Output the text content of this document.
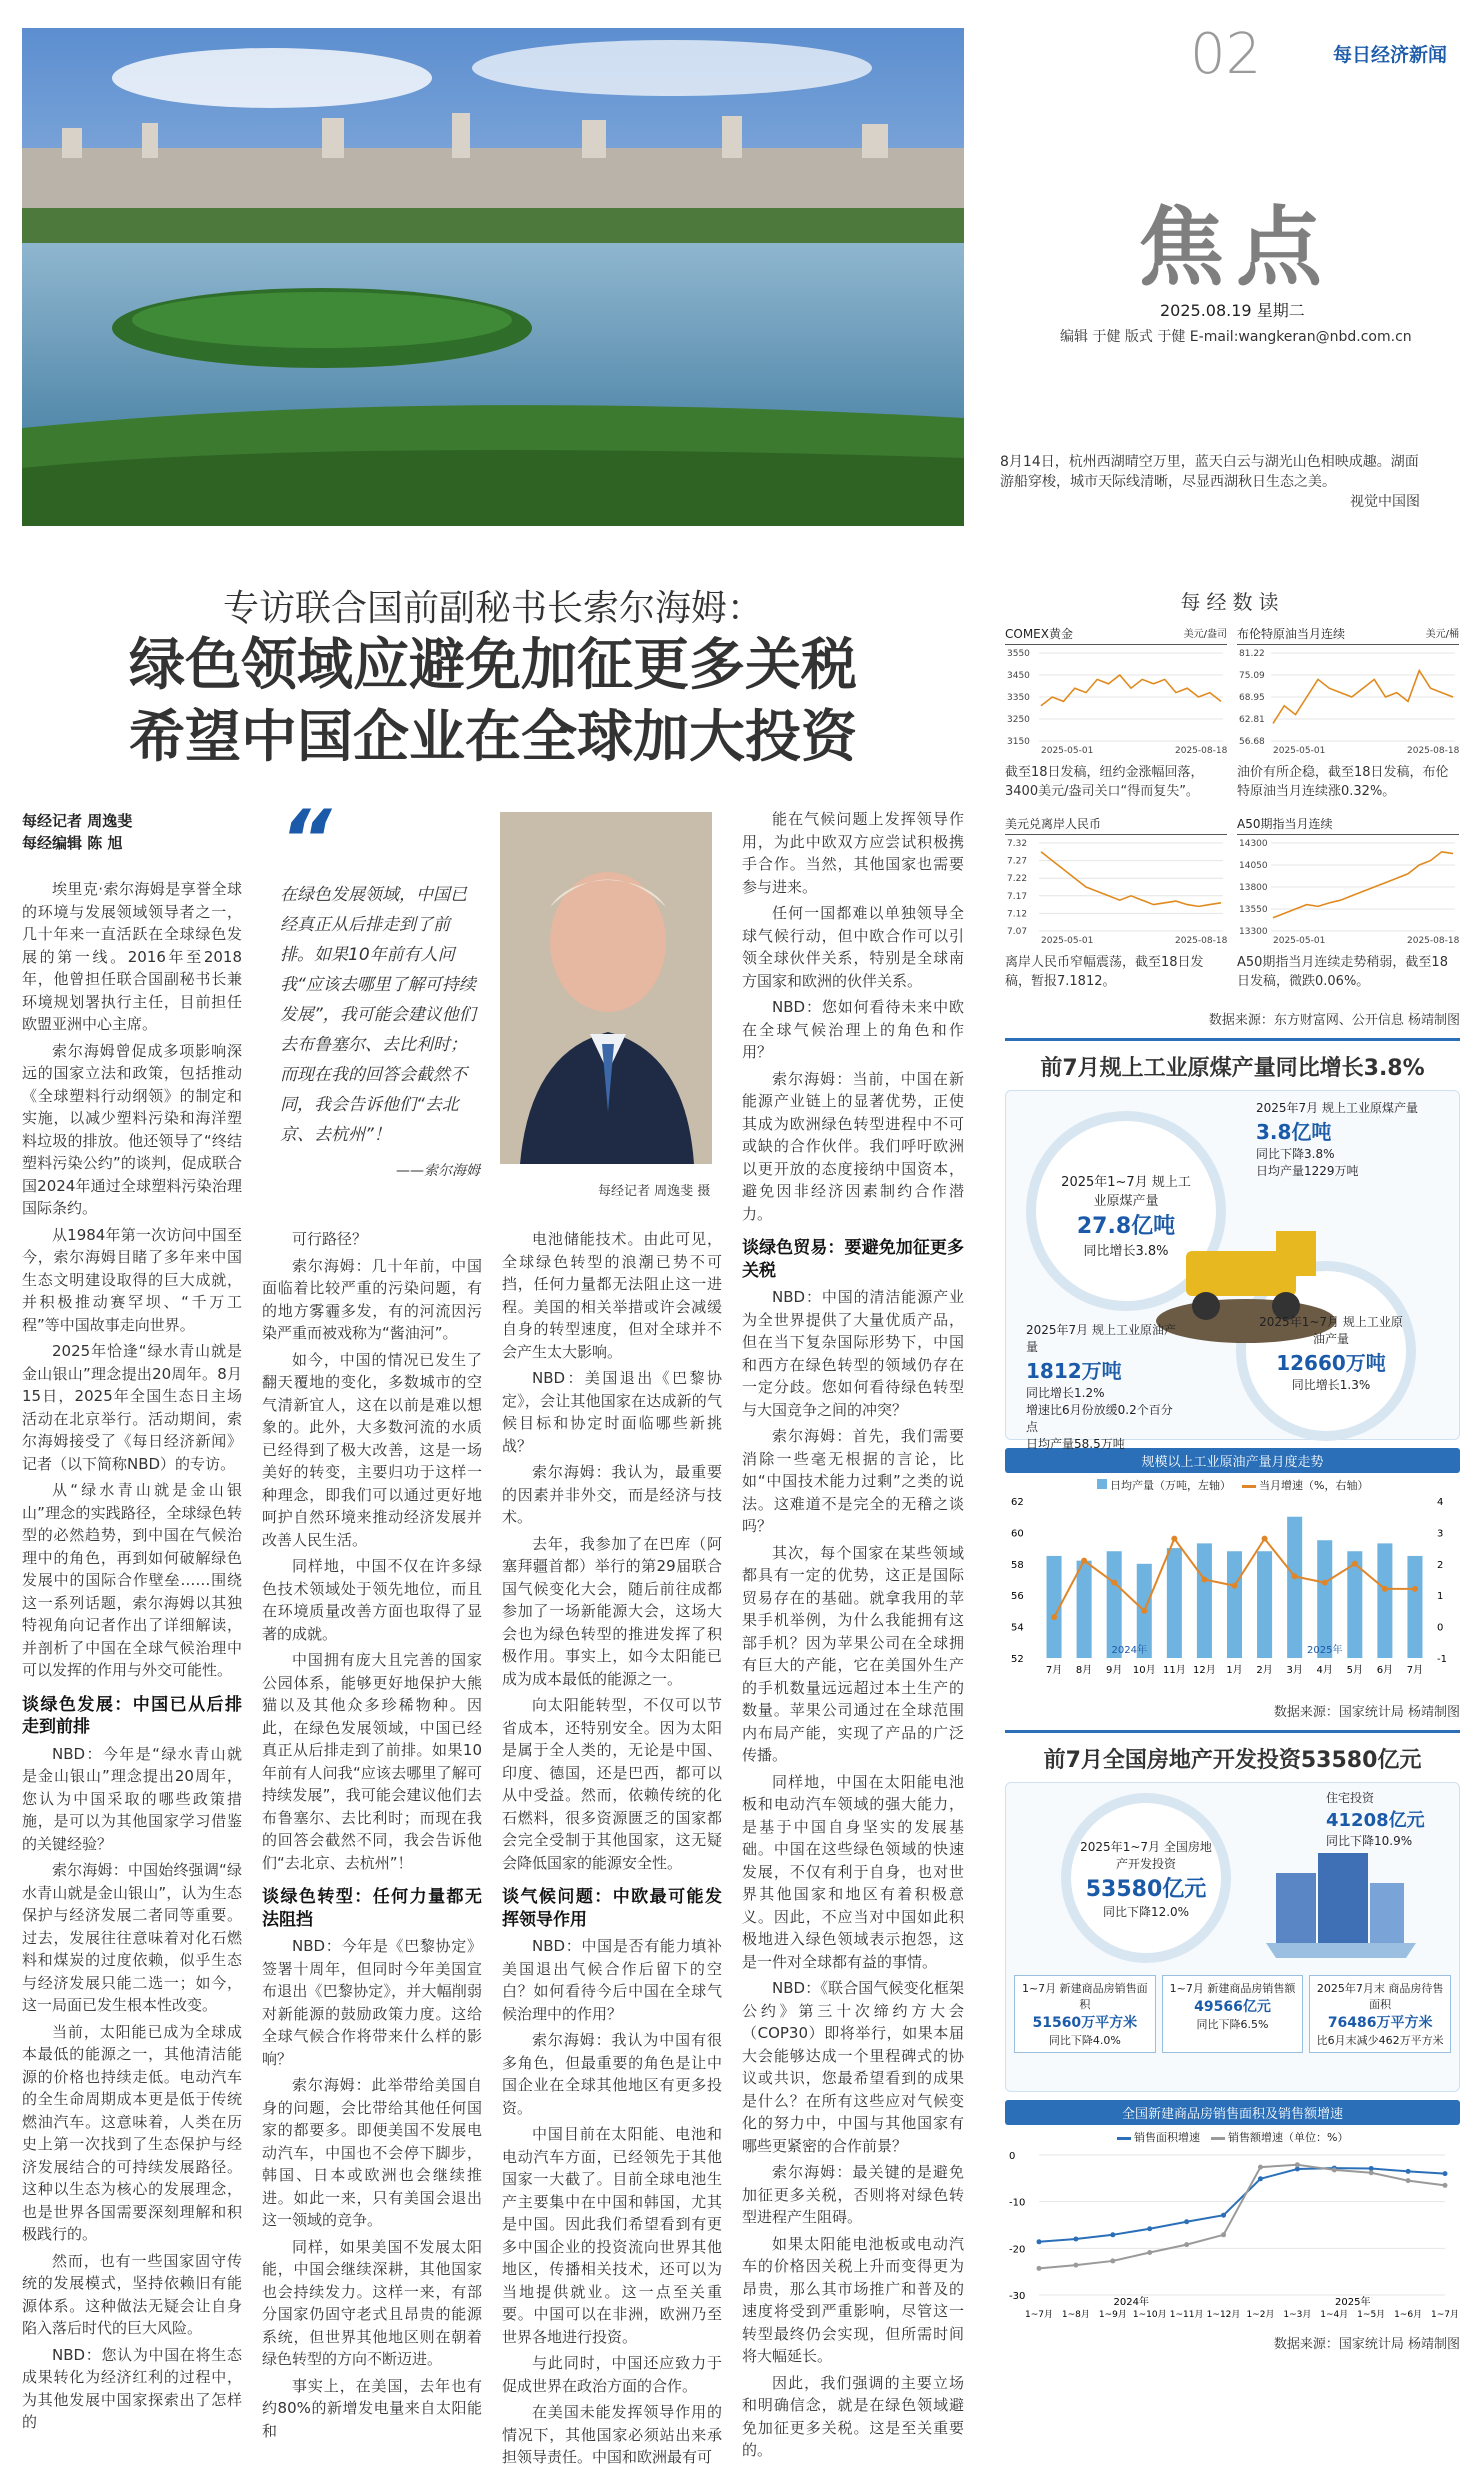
02	每日经济新闻
焦点
2025.08.19 星期二
编辑 于健 版式 于健 E-mail:wangkeran@nbd.com.cn
8月14日，杭州西湖晴空万里，蓝天白云与湖光山色相映成趣。湖面游船穿梭，城市天际线清晰，尽显西湖秋日生态之美。
视觉中国图
专访联合国前副秘书长索尔海姆：
绿色领域应避免加征更多关税
希望中国企业在全球加大投资
每经记者 周逸斐
每经编辑 陈 旭

埃里克·索尔海姆是享誉全球的环境与发展领域领导者之一，几十年来一直活跃在全球绿色发展的第一线。2016年至2018年，他曾担任联合国副秘书长兼环境规划署执行主任，目前担任欧盟亚洲中心主席。

索尔海姆曾促成多项影响深远的国家立法和政策，包括推动《全球塑料行动纲领》的制定和实施，以减少塑料污染和海洋塑料垃圾的排放。他还领导了“终结塑料污染公约”的谈判，促成联合国2024年通过全球塑料污染治理国际条约。

从1984年第一次访问中国至今，索尔海姆目睹了多年来中国生态文明建设取得的巨大成就，并积极推动赛罕坝、“千万工程”等中国故事走向世界。

2025年恰逢“绿水青山就是金山银山”理念提出20周年。8月15日，2025年全国生态日主场活动在北京举行。活动期间，索尔海姆接受了《每日经济新闻》记者（以下简称NBD）的专访。

从“绿水青山就是金山银山”理念的实践路径，全球绿色转型的必然趋势，到中国在气候治理中的角色，再到如何破解绿色发展中的国际合作壁垒……围绕这一系列话题，索尔海姆以其独特视角向记者作出了详细解读，并剖析了中国在全球气候治理中可以发挥的作用与外交可能性。

谈绿色发展：中国已从后排走到前排

NBD：今年是“绿水青山就是金山银山”理念提出20周年，您认为中国采取的哪些政策措施，是可以为其他国家学习借鉴的关键经验？

索尔海姆：中国始终强调“绿水青山就是金山银山”，认为生态保护与经济发展二者同等重要。过去，发展往往意味着对化石燃料和煤炭的过度依赖，似乎生态与经济发展只能二选一；如今，这一局面已发生根本性改变。

当前，太阳能已成为全球成本最低的能源之一，其他清洁能源的价格也持续走低。电动汽车的全生命周期成本更是低于传统燃油汽车。这意味着，人类在历史上第一次找到了生态保护与经济发展结合的可持续发展路径。这种以生态为核心的发展理念，也是世界各国需要深刻理解和积极践行的。

然而，也有一些国家固守传统的发展模式，坚持依赖旧有能源体系。这种做法无疑会让自身陷入落后时代的巨大风险。

NBD：您认为中国在将生态成果转化为经济红利的过程中，为其他发展中国家探索出了怎样的

“
在绿色发展领域，中国已经真正从后排走到了前排。如果10年前有人问我“应该去哪里了解可持续发展”，我可能会建议他们去布鲁塞尔、去比利时；而现在我的回答会截然不同，我会告诉他们“去北京、去杭州”！
——索尔海姆
每经记者 周逸斐 摄

可行路径？

索尔海姆：几十年前，中国面临着比较严重的污染问题，有的地方雾霾多发，有的河流因污染严重而被戏称为“酱油河”。

如今，中国的情况已发生了翻天覆地的变化，多数城市的空气清新宜人，这在以前是难以想象的。此外，大多数河流的水质已经得到了极大改善，这是一场美好的转变，主要归功于这样一种理念，即我们可以通过更好地呵护自然环境来推动经济发展并改善人民生活。

同样地，中国不仅在许多绿色技术领域处于领先地位，而且在环境质量改善方面也取得了显著的成就。

中国拥有庞大且完善的国家公园体系，能够更好地保护大熊猫以及其他众多珍稀物种。因此，在绿色发展领域，中国已经真正从后排走到了前排。如果10年前有人问我“应该去哪里了解可持续发展”，我可能会建议他们去布鲁塞尔、去比利时；而现在我的回答会截然不同，我会告诉他们“去北京、去杭州”！

谈绿色转型：任何力量都无法阻挡

NBD：今年是《巴黎协定》签署十周年，但同时今年美国宣布退出《巴黎协定》，并大幅削弱对新能源的鼓励政策力度。这给全球气候合作将带来什么样的影响？

索尔海姆：此举带给美国自身的问题，会比带给其他任何国家的都要多。即便美国不发展电动汽车，中国也不会停下脚步，韩国、日本或欧洲也会继续推进。如此一来，只有美国会退出这一领域的竞争。

同样，如果美国不发展太阳能，中国会继续深耕，其他国家也会持续发力。这样一来，有部分国家仍固守老式且昂贵的能源系统，但世界其他地区则在朝着绿色转型的方向不断迈进。

事实上，在美国，去年也有约80%的新增发电量来自太阳能和

电池储能技术。由此可见，全球绿色转型的浪潮已势不可挡，任何力量都无法阻止这一进程。美国的相关举措或许会减缓自身的转型速度，但对全球并不会产生太大影响。

NBD：美国退出《巴黎协定》，会让其他国家在达成新的气候目标和协定时面临哪些新挑战？

索尔海姆：我认为，最重要的因素并非外交，而是经济与技术。

去年，我参加了在巴库（阿塞拜疆首都）举行的第29届联合国气候变化大会，随后前往成都参加了一场新能源大会，这场大会也为绿色转型的推进发挥了积极作用。事实上，如今太阳能已成为成本最低的能源之一。

向太阳能转型，不仅可以节省成本，还特别安全。因为太阳是属于全人类的，无论是中国、印度、德国，还是巴西，都可以从中受益。然而，依赖传统的化石燃料，很多资源匮乏的国家都会完全受制于其他国家，这无疑会降低国家的能源安全性。

谈气候问题：中欧最可能发挥领导作用

NBD：中国是否有能力填补美国退出气候合作后留下的空白？如何看待今后中国在全球气候治理中的作用？

索尔海姆：我认为中国有很多角色，但最重要的角色是让中国企业在全球其他地区有更多投资。

中国目前在太阳能、电池和电动汽车方面，已经领先于其他国家一大截了。目前全球电池生产主要集中在中国和韩国，尤其是中国。因此我们希望看到有更多中国企业的投资流向世界其他地区，传播相关技术，还可以为当地提供就业。这一点至关重要。中国可以在非洲，欧洲乃至世界各地进行投资。

与此同时，中国还应致力于促成世界在政治方面的合作。

在美国未能发挥领导作用的情况下，其他国家必须站出来承担领导责任。中国和欧洲最有可

能在气候问题上发挥领导作用，为此中欧双方应尝试积极携手合作。当然，其他国家也需要参与进来。

任何一国都难以单独领导全球气候行动，但中欧合作可以引领全球伙伴关系，特别是全球南方国家和欧洲的伙伴关系。

NBD：您如何看待未来中欧在全球气候治理上的角色和作用？

索尔海姆：当前，中国在新能源产业链上的显著优势，正使其成为欧洲绿色转型进程中不可或缺的合作伙伴。我们呼吁欧洲以更开放的态度接纳中国资本，避免因非经济因素制约合作潜力。

谈绿色贸易：要避免加征更多关税

NBD：中国的清洁能源产业为全世界提供了大量优质产品，但在当下复杂国际形势下，中国和西方在绿色转型的领域仍存在一定分歧。您如何看待绿色转型与大国竞争之间的冲突？

索尔海姆：首先，我们需要消除一些毫无根据的言论，比如“中国技术能力过剩”之类的说法。这难道不是完全的无稽之谈吗？

其次，每个国家在某些领域都具有一定的优势，这正是国际贸易存在的基础。就拿我用的苹果手机举例，为什么我能拥有这部手机？因为苹果公司在全球拥有巨大的产能，它在美国外生产的手机数量远远超过本土生产的数量。苹果公司通过在全球范围内布局产能，实现了产品的广泛传播。

同样地，中国在太阳能电池板和电动汽车领域的强大能力，是基于中国自身坚实的发展基础。中国在这些绿色领域的快速发展，不仅有利于自身，也对世界其他国家和地区有着积极意义。因此，不应当对中国如此积极地进入绿色领域表示抱怨，这是一件对全球都有益的事情。

NBD：《联合国气候变化框架公约》第三十次缔约方大会（COP30）即将举行，如果本届大会能够达成一个里程碑式的协议或共识，您最希望看到的成果是什么？在所有这些应对气候变化的努力中，中国与其他国家有哪些更紧密的合作前景？

索尔海姆：最关键的是避免加征更多关税，否则将对绿色转型进程产生阻碍。

如果太阳能电池板或电动汽车的价格因关税上升而变得更为昂贵，那么其市场推广和普及的速度将受到严重影响，尽管这一转型最终仍会实现，但所需时间将大幅延长。

因此，我们强调的主要立场和明确信念，就是在绿色领域避免加征更多关税。这是至关重要的。

每经数读
COMEX黄金	美元/盎司
3550
3450
3350
3250
3150
2025-05-01	2025-08-18
截至18日发稿，纽约金涨幅回落，3400美元/盎司关口“得而复失”。
布伦特原油当月连续	美元/桶
81.22
75.09
68.95
62.81
56.68
2025-05-01	2025-08-18
油价有所企稳，截至18日发稿，布伦特原油当月连续涨0.32%。
美元兑离岸人民币
7.32
7.27
7.22
7.17
7.12
7.07
2025-05-01	2025-08-18
离岸人民币窄幅震荡，截至18日发稿，暂报7.1812。
A50期指当月连续
14300
14050
13800
13550
13300
2025-05-01	2025-08-18
A50期指当月连续走势稍弱，截至18日发稿，微跌0.06%。
数据来源：东方财富网、公开信息 杨靖制图
前7月规上工业原煤产量同比增长3.8%
2025年1~7月 规上工业原煤产量
27.8亿吨
同比增长3.8%
2025年7月 规上工业原煤产量
3.8亿吨
同比下降3.8%
日均产量1229万吨
2025年7月 规上工业原油产量
1812万吨
同比增长1.2%
增速比6月份放缓0.2个百分点
日均产量58.5万吨
2025年1~7月 规上工业原油产量
12660万吨
同比增长1.3%
规模以上工业原油产量月度走势
日均产量（万吨，左轴）	当月增速（%，右轴）
52
54
56
58
60
62
-1
0
1
2
3
4
7月 8月 9月 10月 11月 12月 1月 2月 3月 4月 5月 6月 7月
2024年	2025年
数据来源：国家统计局 杨靖制图
前7月全国房地产开发投资53580亿元
2025年1~7月 全国房地产开发投资
53580亿元
同比下降12.0%
住宅投资
41208亿元
同比下降10.9%
1~7月 新建商品房销售面积
51560万平方米
同比下降4.0%
1~7月 新建商品房销售额
49566亿元
同比下降6.5%
2025年7月末 商品房待售面积
76486万平方米
比6月末减少462万平方米
全国新建商品房销售面积及销售额增速
销售面积增速	销售额增速（单位：%）
-30
-20
-10
0
1~7月 1~8月 1~9月 1~10月 1~11月 1~12月 1~2月 1~3月 1~4月 1~5月 1~6月 1~7月
2024年	2025年
数据来源：国家统计局 杨靖制图
